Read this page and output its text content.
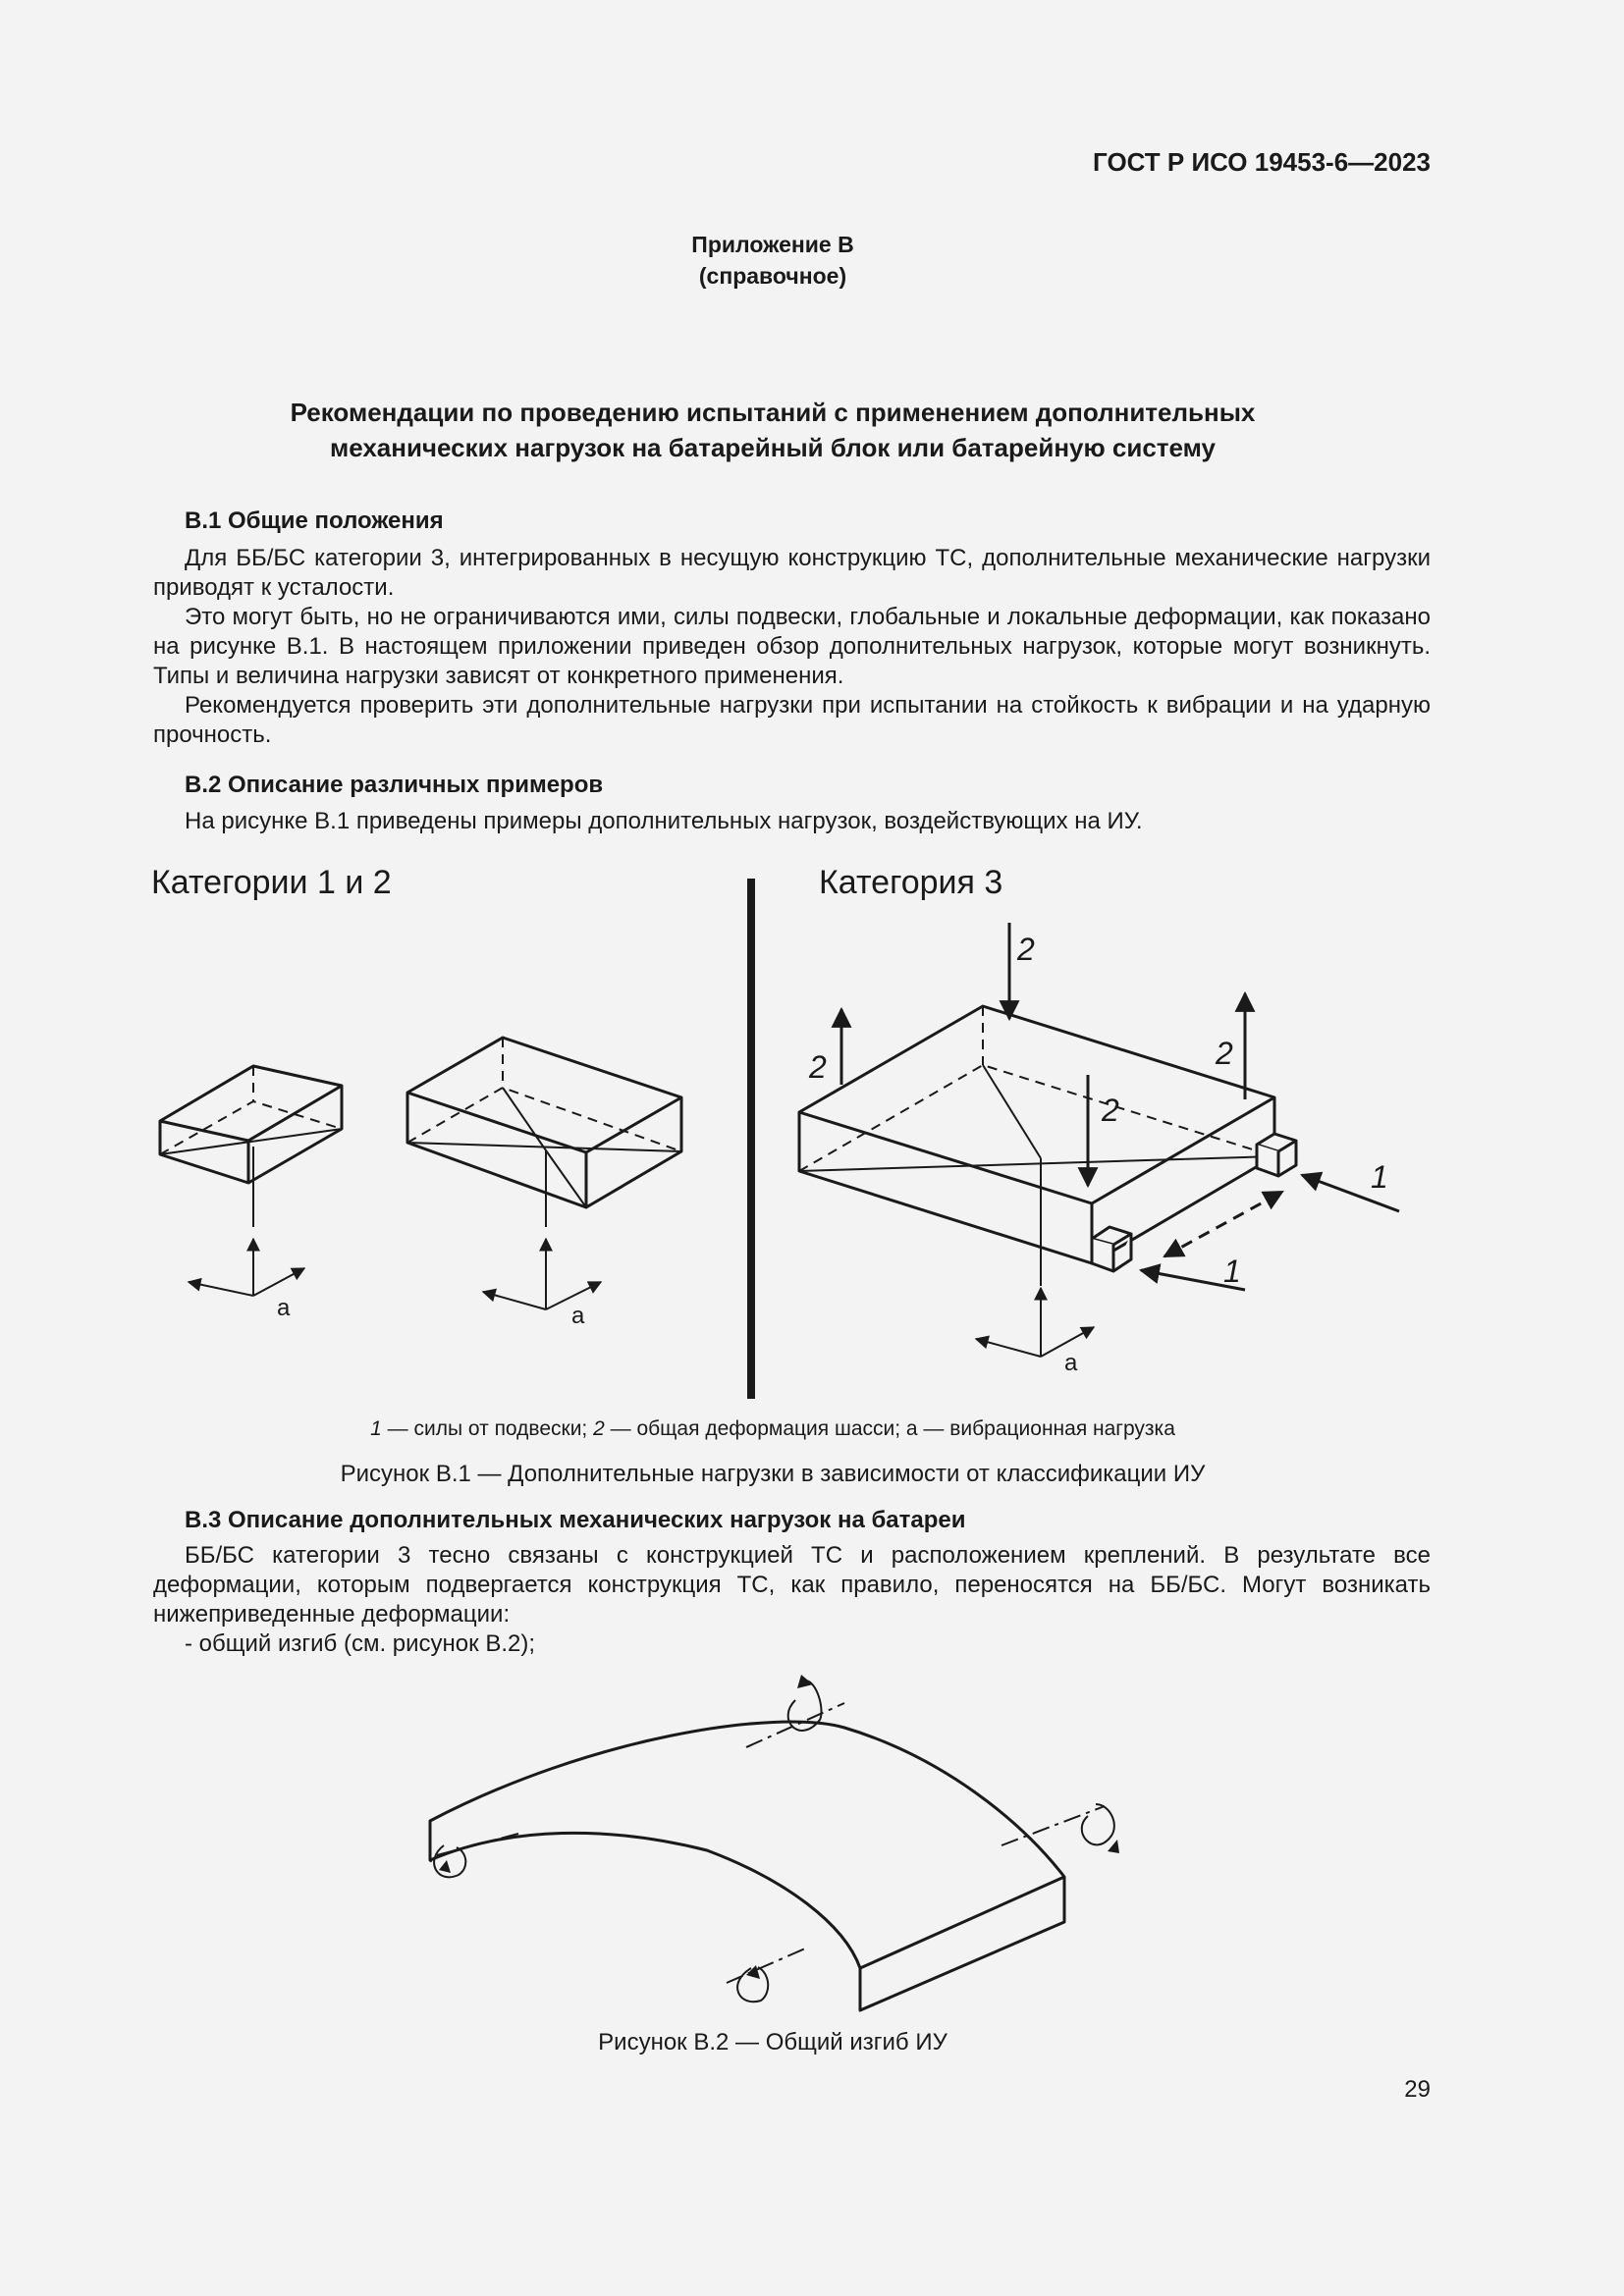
ГОСТ Р ИСО 19453-6—2023
Приложение В
(справочное)
Рекомендации по проведению испытаний с применением дополнительных
механических нагрузок на батарейный блок или батарейную систему
В.1 Общие положения

Для ББ/БС категории 3, интегрированных в несущую конструкцию ТС, дополнительные механические нагрузки приводят к усталости.

Это могут быть, но не ограничиваются ими, силы подвески, глобальные и локальные деформации, как показано на рисунке В.1. В настоящем приложении приведен обзор дополнительных нагрузок, которые могут возникнуть. Типы и величина нагрузки зависят от конкретного применения.

Рекомендуется проверить эти дополнительные нагрузки при испытании на стойкость к вибрации и на ударную прочность.

В.2 Описание различных примеров

На рисунке В.1 приведены примеры дополнительных нагрузок, воздействующих на ИУ.

Категории 1 и 2	Категория 3
a	a
a
2
2
2
2
1
1
1 — силы от подвески; 2 — общая деформация шасси; а — вибрационная нагрузка
Рисунок В.1 — Дополнительные нагрузки в зависимости от классификации ИУ
В.3 Описание дополнительных механических нагрузок на батареи

ББ/БС категории 3 тесно связаны с конструкцией ТС и расположением креплений. В результате все деформации, которым подвергается конструкция ТС, как правило, переносятся на ББ/БС. Могут возникать нижеприведенные деформации:

- общий изгиб (см. рисунок В.2);

Рисунок В.2 — Общий изгиб ИУ
29
